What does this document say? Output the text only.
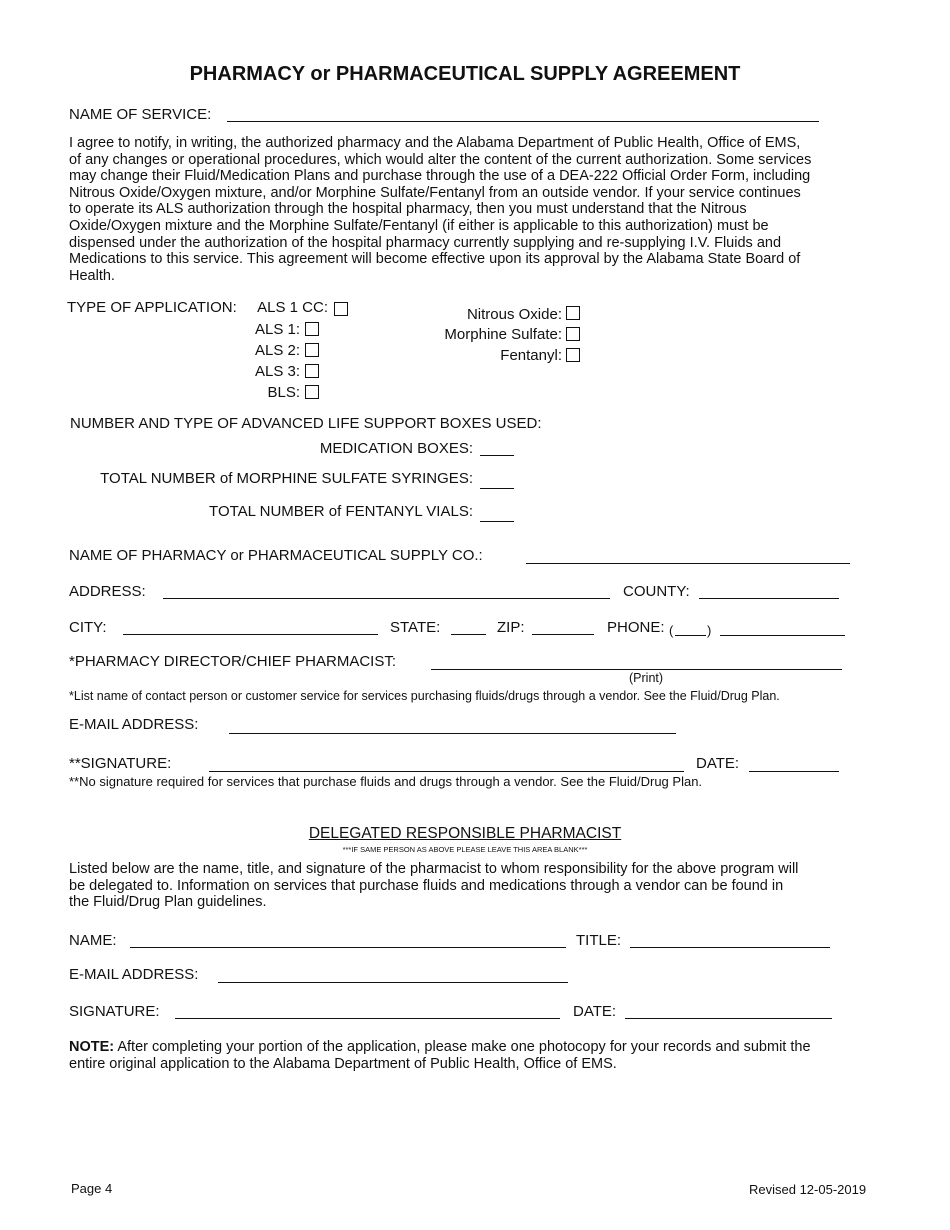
PHARMACY or PHARMACEUTICAL SUPPLY AGREEMENT
NAME OF SERVICE:
I agree to notify, in writing, the authorized pharmacy and the Alabama Department of Public Health, Office of EMS,
of any changes or operational procedures, which would alter the content of the current authorization. Some services
may change their Fluid/Medication Plans and purchase through the use of a DEA-222 Official Order Form, including
Nitrous Oxide/Oxygen mixture, and/or Morphine Sulfate/Fentanyl from an outside vendor. If your service continues
to operate its ALS authorization through the hospital pharmacy, then you must understand that the Nitrous
Oxide/Oxygen mixture and the Morphine Sulfate/Fentanyl (if either is applicable to this authorization) must be
dispensed under the authorization of the hospital pharmacy currently supplying and re-supplying I.V. Fluids and
Medications to this service. This agreement will become effective upon its approval by the Alabama State Board of
Health.
TYPE OF APPLICATION:	ALS 1 CC:
ALS 1:
ALS 2:
ALS 3:
BLS:
Nitrous Oxide:
Morphine Sulfate:
Fentanyl:
NUMBER AND TYPE OF ADVANCED LIFE SUPPORT BOXES USED:
MEDICATION BOXES:
TOTAL NUMBER of MORPHINE SULFATE SYRINGES:
TOTAL NUMBER of FENTANYL VIALS:
NAME OF PHARMACY or PHARMACEUTICAL SUPPLY CO.:
ADDRESS:	COUNTY:
CITY:	STATE:	ZIP:	PHONE: (	)
*PHARMACY DIRECTOR/CHIEF PHARMACIST:
(Print)
*List name of contact person or customer service for services purchasing fluids/drugs through a vendor. See the Fluid/Drug Plan.
E-MAIL ADDRESS:
**SIGNATURE:	DATE:
**No signature required for services that purchase fluids and drugs through a vendor. See the Fluid/Drug Plan.
DELEGATED RESPONSIBLE PHARMACIST
***IF SAME PERSON AS ABOVE PLEASE LEAVE THIS AREA BLANK***
Listed below are the name, title, and signature of the pharmacist to whom responsibility for the above program will
be delegated to. Information on services that purchase fluids and medications through a vendor can be found in
the Fluid/Drug Plan guidelines.
NAME:	TITLE:
E-MAIL ADDRESS:
SIGNATURE:	DATE:
NOTE: After completing your portion of the application, please make one photocopy for your records and submit the
entire original application to the Alabama Department of Public Health, Office of EMS.
Page 4	Revised 12-05-2019
